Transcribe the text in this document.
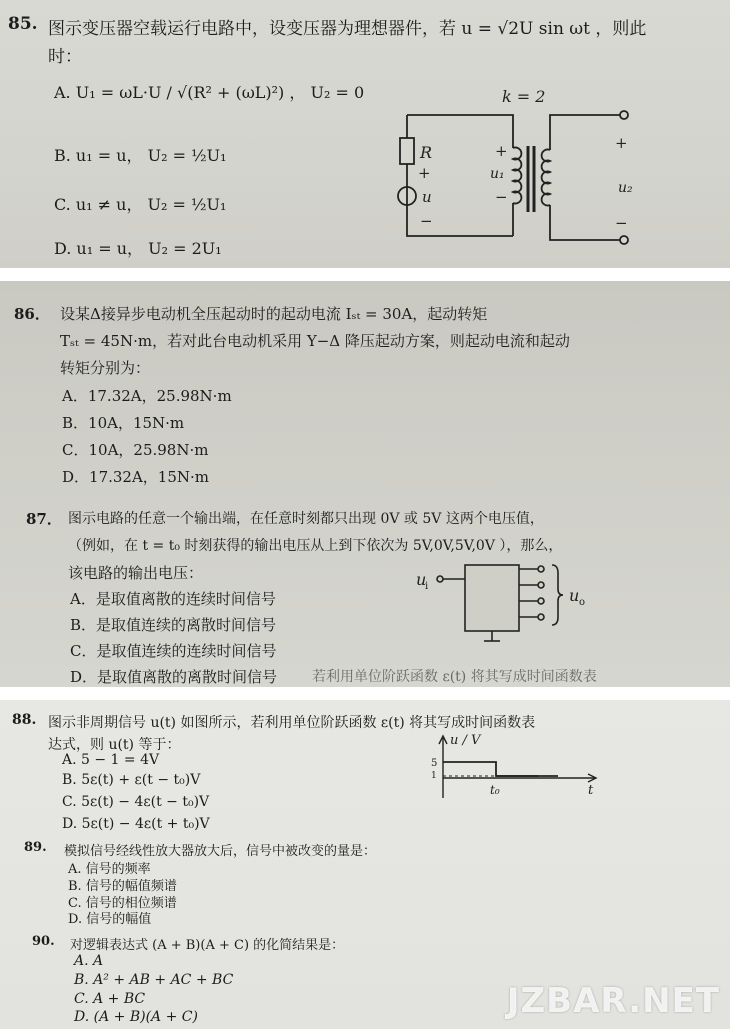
85. 图示变压器空载运行电路中，设变压器为理想器件，若 u = √2U sin ωt ，则此
时：
A. U₁ = ωL·U / √(R² + (ωL)²) ， U₂ = 0
B. u₁ = u， U₂ = ½U₁
C. u₁ ≠ u， U₂ = ½U₁
D. u₁ = u， U₂ = 2U₁
k = 2
R
+
u
−
+
u₁
−
+
u₂
−
86． 设某Δ接异步电动机全压起动时的起动电流 Iₛₜ = 30A，起动转矩
Tₛₜ = 45N·m，若对此台电动机采用 Y−Δ 降压起动方案，则起动电流和起动
转矩分别为：
A．17.32A，25.98N·m
B．10A，15N·m
C．10A，25.98N·m
D．17.32A，15N·m
87． 图示电路的任意一个输出端，在任意时刻都只出现 0V 或 5V 这两个电压值，
（例如，在 t = t₀ 时刻获得的输出电压从上到下依次为 5V,0V,5V,0V ），那么，
该电路的输出电压：
A．是取值离散的连续时间信号
B．是取值连续的离散时间信号
C．是取值连续的连续时间信号
D．是取值离散的离散时间信号 若利用单位阶跃函数 ε(t) 将其写成时间函数表
u
i	u o
88. 图示非周期信号 u(t) 如图所示，若利用单位阶跃函数 ε(t) 将其写成时间函数表
达式，则 u(t) 等于：
A. 5 − 1 = 4V
B. 5ε(t) + ε(t − t₀)V
C. 5ε(t) − 4ε(t − t₀)V
D. 5ε(t) − 4ε(t + t₀)V
u / V
5
1
t₀	t
89. 模拟信号经线性放大器放大后，信号中被改变的量是：
A. 信号的频率
B. 信号的幅值频谱
C. 信号的相位频谱
D. 信号的幅值
90. 对逻辑表达式 (A + B)(A + C) 的化简结果是：
A. A
B. A² + AB + AC + BC
C. A + BC
D. (A + B)(A + C)	JZBAR.NET
